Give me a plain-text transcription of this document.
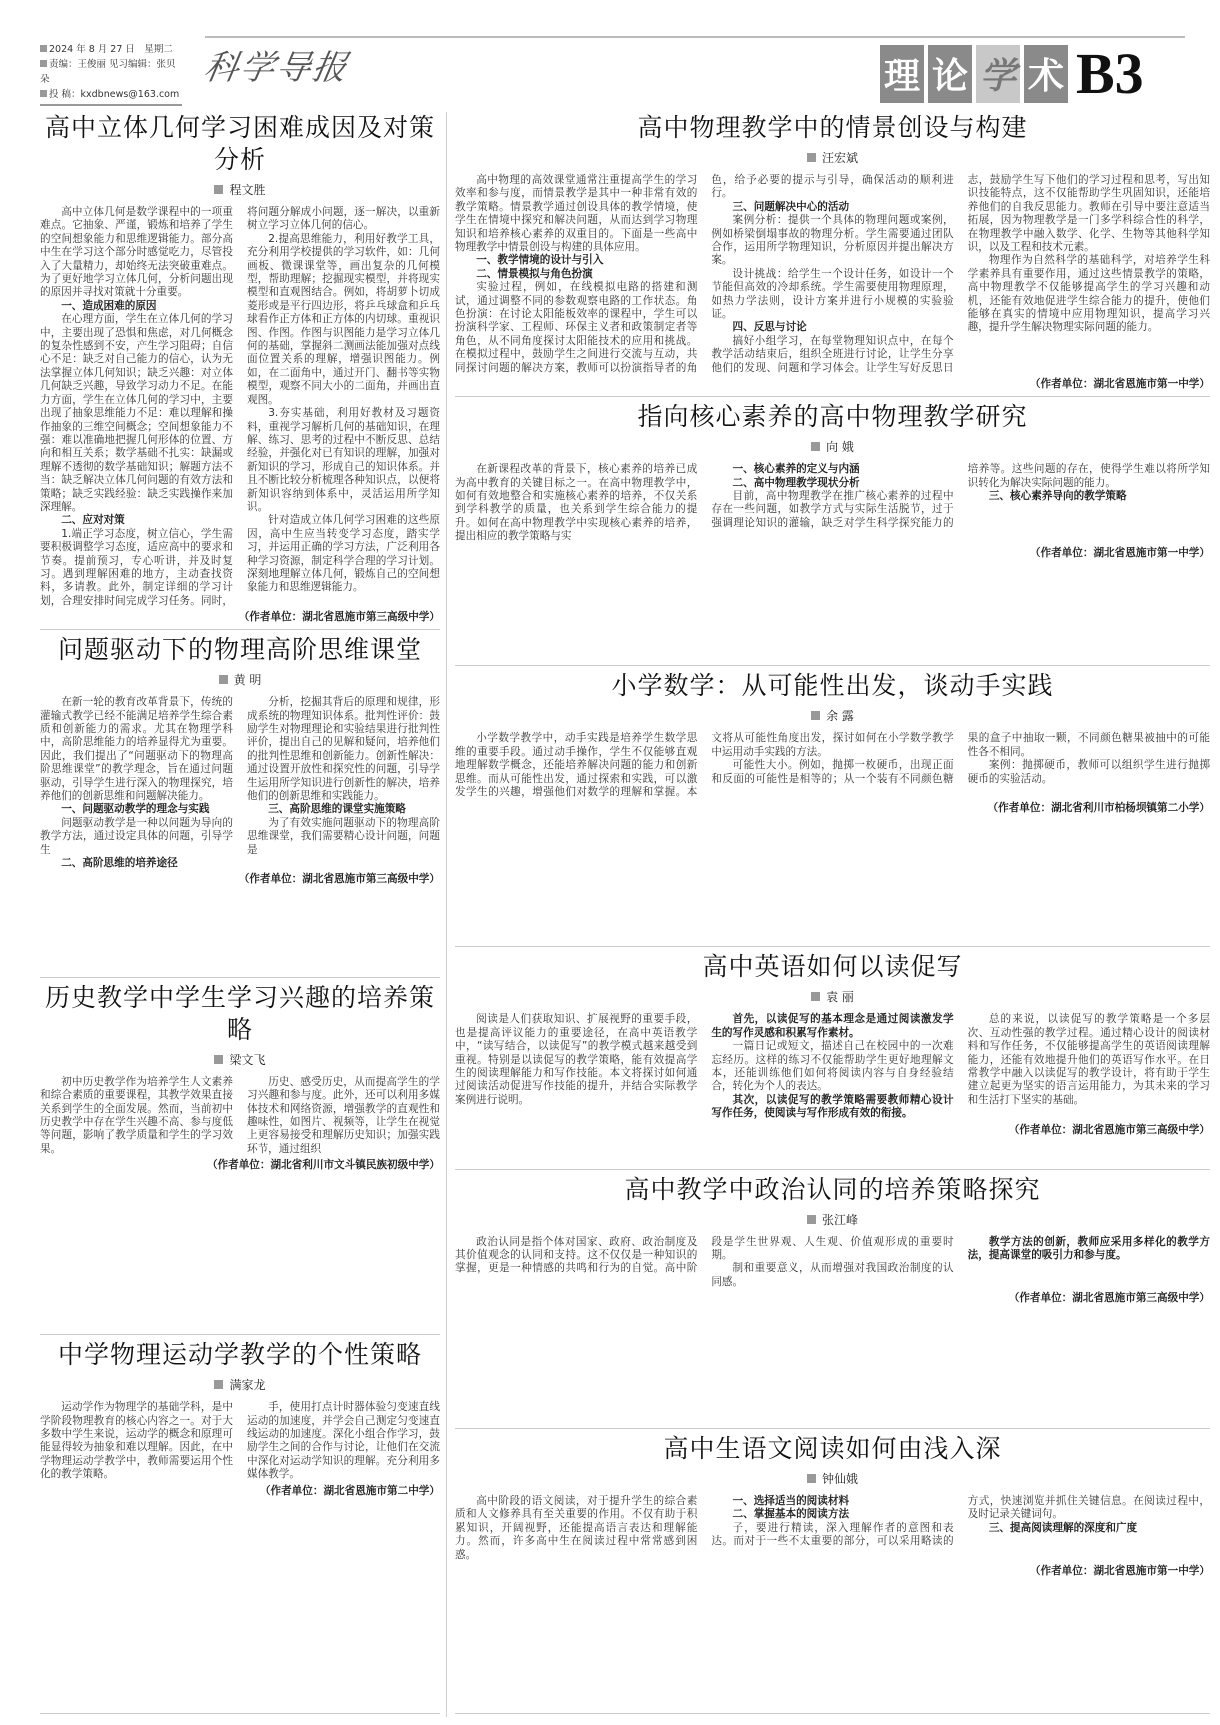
2024 年 8 月 27 日　星期二
责编：王俊丽 见习编辑：张贝朵
投 稿：kxdbnews@163.com
科学导报	理 论 学 术 B3
高中立体几何学习困难成因及对策分析
程文胜

高中立体几何是数学课程中的一项重难点。它抽象、严谨，锻炼和培养了学生的空间想象能力和思维逻辑能力。部分高中生在学习这个部分时感觉吃力，尽管投入了大量精力，却始终无法突破重难点。为了更好地学习立体几何，分析问题出现的原因并寻找对策就十分重要。

一、造成困难的原因

在心理方面，学生在立体几何的学习中，主要出现了恐惧和焦虑，对几何概念的复杂性感到不安，产生学习阻碍；自信心不足：缺乏对自己能力的信心，认为无法掌握立体几何知识；缺乏兴趣：对立体几何缺乏兴趣，导致学习动力不足。在能力方面，学生在立体几何的学习中，主要出现了抽象思维能力不足：难以理解和操作抽象的三维空间概念；空间想象能力不强：难以准确地把握几何形体的位置、方向和相互关系；数学基础不扎实：缺漏或理解不透彻的数学基础知识；解题方法不当：缺乏解决立体几何问题的有效方法和策略；缺乏实践经验：缺乏实践操作来加深理解。

二、应对对策

1.端正学习态度，树立信心，学生需要积极调整学习态度，适应高中的要求和节奏。提前预习，专心听讲，并及时复习。遇到理解困难的地方，主动查找资料，多请教。此外，制定详细的学习计划，合理安排时间完成学习任务。同时，将问题分解成小问题，逐一解决，以重新树立学习立体几何的信心。

2.提高思维能力，利用好教学工具，充分利用学校提供的学习软件，如：几何画板、微课课堂等，画出复杂的几何模型，帮助理解；挖掘现实模型，并将现实模型和直观图结合。例如，将胡萝卜切成菱形或是平行四边形，将乒乓球盒和乒乓球看作正方体和正方体的内切球。重视识图、作图。作图与识图能力是学习立体几何的基础，掌握斜二测画法能加强对点线面位置关系的理解，增强识图能力。例如，在二面角中，通过开门、翻书等实物模型，观察不同大小的二面角，并画出直观图。

3.夯实基础，利用好教材及习题资料，重视学习解析几何的基础知识，在理解、练习、思考的过程中不断反思、总结经验，并强化对已有知识的理解，加强对新知识的学习，形成自己的知识体系。并且不断比较分析梳理各种知识点，以便将新知识容纳到体系中，灵活运用所学知识。

针对造成立体几何学习困难的这些原因，高中生应当转变学习态度，踏实学习，并运用正确的学习方法，广泛利用各种学习资源，制定科学合理的学习计划。深刻地理解立体几何，锻炼自己的空间想象能力和思维逻辑能力。

（作者单位：湖北省恩施市第三高级中学）
问题驱动下的物理高阶思维课堂
黄 明

在新一轮的教育改革背景下，传统的灌输式教学已经不能满足培养学生综合素质和创新能力的需求。尤其在物理学科中，高阶思维能力的培养显得尤为重要。因此，我们提出了“问题驱动下的物理高阶思维课堂”的教学理念，旨在通过问题驱动，引导学生进行深入的物理探究，培养他们的创新思维和问题解决能力。

一、问题驱动教学的理念与实践

问题驱动教学是一种以问题为导向的教学方法，通过设定具体的问题，引导学生

二、高阶思维的培养途径

分析，挖掘其背后的原理和规律，形成系统的物理知识体系。批判性评价：鼓励学生对物理理论和实验结果进行批判性评价，提出自己的见解和疑问，培养他们的批判性思维和创新能力。创新性解决：通过设置开放性和探究性的问题，引导学生运用所学知识进行创新性的解决，培养他们的创新思维和实践能力。

三、高阶思维的课堂实施策略

为了有效实施问题驱动下的物理高阶思维课堂，我们需要精心设计问题，问题是

（作者单位：湖北省恩施市第三高级中学）
历史教学中学生学习兴趣的培养策略
梁文飞

初中历史教学作为培养学生人文素养和综合素质的重要课程，其教学效果直接关系到学生的全面发展。然而，当前初中历史教学中存在学生兴趣不高、参与度低等问题，影响了教学质量和学生的学习效果。

历史、感受历史，从而提高学生的学习兴趣和参与度。此外，还可以利用多媒体技术和网络资源，增强教学的直观性和趣味性，如图片、视频等，让学生在视觉上更容易接受和理解历史知识；加强实践环节，通过组织

（作者单位：湖北省利川市文斗镇民族初级中学）
中学物理运动学教学的个性策略
满家龙

运动学作为物理学的基础学科，是中学阶段物理教育的核心内容之一。对于大多数中学生来说，运动学的概念和原理可能显得较为抽象和难以理解。因此，在中学物理运动学教学中，教师需要运用个性化的教学策略。

手，使用打点计时器体验匀变速直线运动的加速度，并学会自己测定匀变速直线运动的加速度。深化小组合作学习，鼓励学生之间的合作与讨论，让他们在交流中深化对运动学知识的理解。充分利用多媒体教学。

（作者单位：湖北省恩施市第二中学）
高中物理教学中的情景创设与构建
汪宏斌

高中物理的高效课堂通常注重提高学生的学习效率和参与度，而情景教学是其中一种非常有效的教学策略。情景教学通过创设具体的教学情境，使学生在情境中探究和解决问题，从而达到学习物理知识和培养核心素养的双重目的。下面是一些高中物理教学中情景创设与构建的具体应用。

一、教学情境的设计与引入

二、情景模拟与角色扮演

实验过程，例如，在线模拟电路的搭建和测试，通过调整不同的参数观察电路的工作状态。角色扮演：在讨论太阳能板效率的课程中，学生可以扮演科学家、工程师、环保主义者和政策制定者等角色，从不同角度探讨太阳能技术的应用和挑战。在模拟过程中，鼓励学生之间进行交流与互动，共同探讨问题的解决方案，教师可以扮演指导者的角色，给予必要的提示与引导，确保活动的顺利进行。

三、问题解决中心的活动

案例分析：提供一个具体的物理问题或案例，例如桥梁倒塌事故的物理分析。学生需要通过团队合作，运用所学物理知识，分析原因并提出解决方案。

设计挑战：给学生一个设计任务，如设计一个节能但高效的冷却系统。学生需要使用物理原理，如热力学法则，设计方案并进行小规模的实验验证。

四、反思与讨论

搞好小组学习，在每堂物理知识点中，在每个教学活动结束后，组织全班进行讨论，让学生分享他们的发现、问题和学习体会。让学生写好反思日志，鼓励学生写下他们的学习过程和思考，写出知识技能特点，这不仅能帮助学生巩固知识，还能培养他们的自我反思能力。教师在引导中要注意适当拓展，因为物理教学是一门多学科综合性的科学，在物理教学中融入数学、化学、生物等其他科学知识，以及工程和技术元素。

物理作为自然科学的基础科学，对培养学生科学素养具有重要作用，通过这些情景教学的策略，高中物理教学不仅能够提高学生的学习兴趣和动机，还能有效地促进学生综合能力的提升，使他们能够在真实的情境中应用物理知识，提高学习兴趣，提升学生解决物理实际问题的能力。

（作者单位：湖北省恩施市第一中学）
指向核心素养的高中物理教学研究
向 娥

在新课程改革的背景下，核心素养的培养已成为高中教育的关键目标之一。在高中物理教学中，如何有效地整合和实施核心素养的培养，不仅关系到学科教学的质量，也关系到学生综合能力的提升。如何在高中物理教学中实现核心素养的培养，提出相应的教学策略与实

一、核心素养的定义与内涵

二、高中物理教学现状分析

目前，高中物理教学在推广核心素养的过程中存在一些问题，如教学方式与实际生活脱节，过于强调理论知识的灌输，缺乏对学生科学探究能力的培养等。这些问题的存在，使得学生难以将所学知识转化为解决实际问题的能力。

三、核心素养导向的教学策略

（作者单位：湖北省恩施市第一中学）
小学数学：从可能性出发，谈动手实践
余 露

小学数学教学中，动手实践是培养学生数学思维的重要手段。通过动手操作，学生不仅能够直观地理解数学概念，还能培养解决问题的能力和创新思维。而从可能性出发，通过探索和实践，可以激发学生的兴趣，增强他们对数学的理解和掌握。本文将从可能性角度出发，探讨如何在小学数学教学中运用动手实践的方法。

可能性大小。例如，抛掷一枚硬币，出现正面和反面的可能性是相等的；从一个装有不同颜色糖果的盒子中抽取一颗，不同颜色糖果被抽中的可能性各不相同。

案例：抛掷硬币，教师可以组织学生进行抛掷硬币的实验活动。

（作者单位：湖北省利川市柏杨坝镇第二小学）
高中英语如何以读促写
袁 丽

阅读是人们获取知识、扩展视野的重要手段，也是提高评议能力的重要途径，在高中英语教学中，“读写结合，以读促写”的教学模式越来越受到重视。特别是以读促写的教学策略，能有效提高学生的阅读理解能力和写作技能。本文将探讨如何通过阅读活动促进写作技能的提升，并结合实际教学案例进行说明。

首先，以读促写的基本理念是通过阅读激发学生的写作灵感和积累写作素材。

一篇日记或短文，描述自己在校园中的一次难忘经历。这样的练习不仅能帮助学生更好地理解文本，还能训练他们如何将阅读内容与自身经验结合，转化为个人的表达。

其次，以读促写的教学策略需要教师精心设计写作任务，使阅读与写作形成有效的衔接。

总的来说，以读促写的教学策略是一个多层次、互动性强的教学过程。通过精心设计的阅读材料和写作任务，不仅能够提高学生的英语阅读理解能力，还能有效地提升他们的英语写作水平。在日常教学中融入以读促写的教学设计，将有助于学生建立起更为坚实的语言运用能力，为其未来的学习和生活打下坚实的基础。

（作者单位：湖北省恩施市第三高级中学）
高中教学中政治认同的培养策略探究
张江峰

政治认同是指个体对国家、政府、政治制度及其价值观念的认同和支持。这不仅仅是一种知识的掌握，更是一种情感的共鸣和行为的自觉。高中阶段是学生世界观、人生观、价值观形成的重要时期。

制和重要意义，从而增强对我国政治制度的认同感。

教学方法的创新，教师应采用多样化的教学方法，提高课堂的吸引力和参与度。

（作者单位：湖北省恩施市第三高级中学）
高中生语文阅读如何由浅入深
钟仙娥

高中阶段的语文阅读，对于提升学生的综合素质和人文修养具有至关重要的作用。不仅有助于积累知识，开阔视野，还能提高语言表达和理解能力。然而，许多高中生在阅读过程中常常感到困惑。

一、选择适当的阅读材料

二、掌握基本的阅读方法

子，要进行精读，深入理解作者的意图和表达。而对于一些不太重要的部分，可以采用略读的方式，快速浏览并抓住关键信息。在阅读过程中，及时记录关键词句。

三、提高阅读理解的深度和广度

（作者单位：湖北省恩施市第一中学）
